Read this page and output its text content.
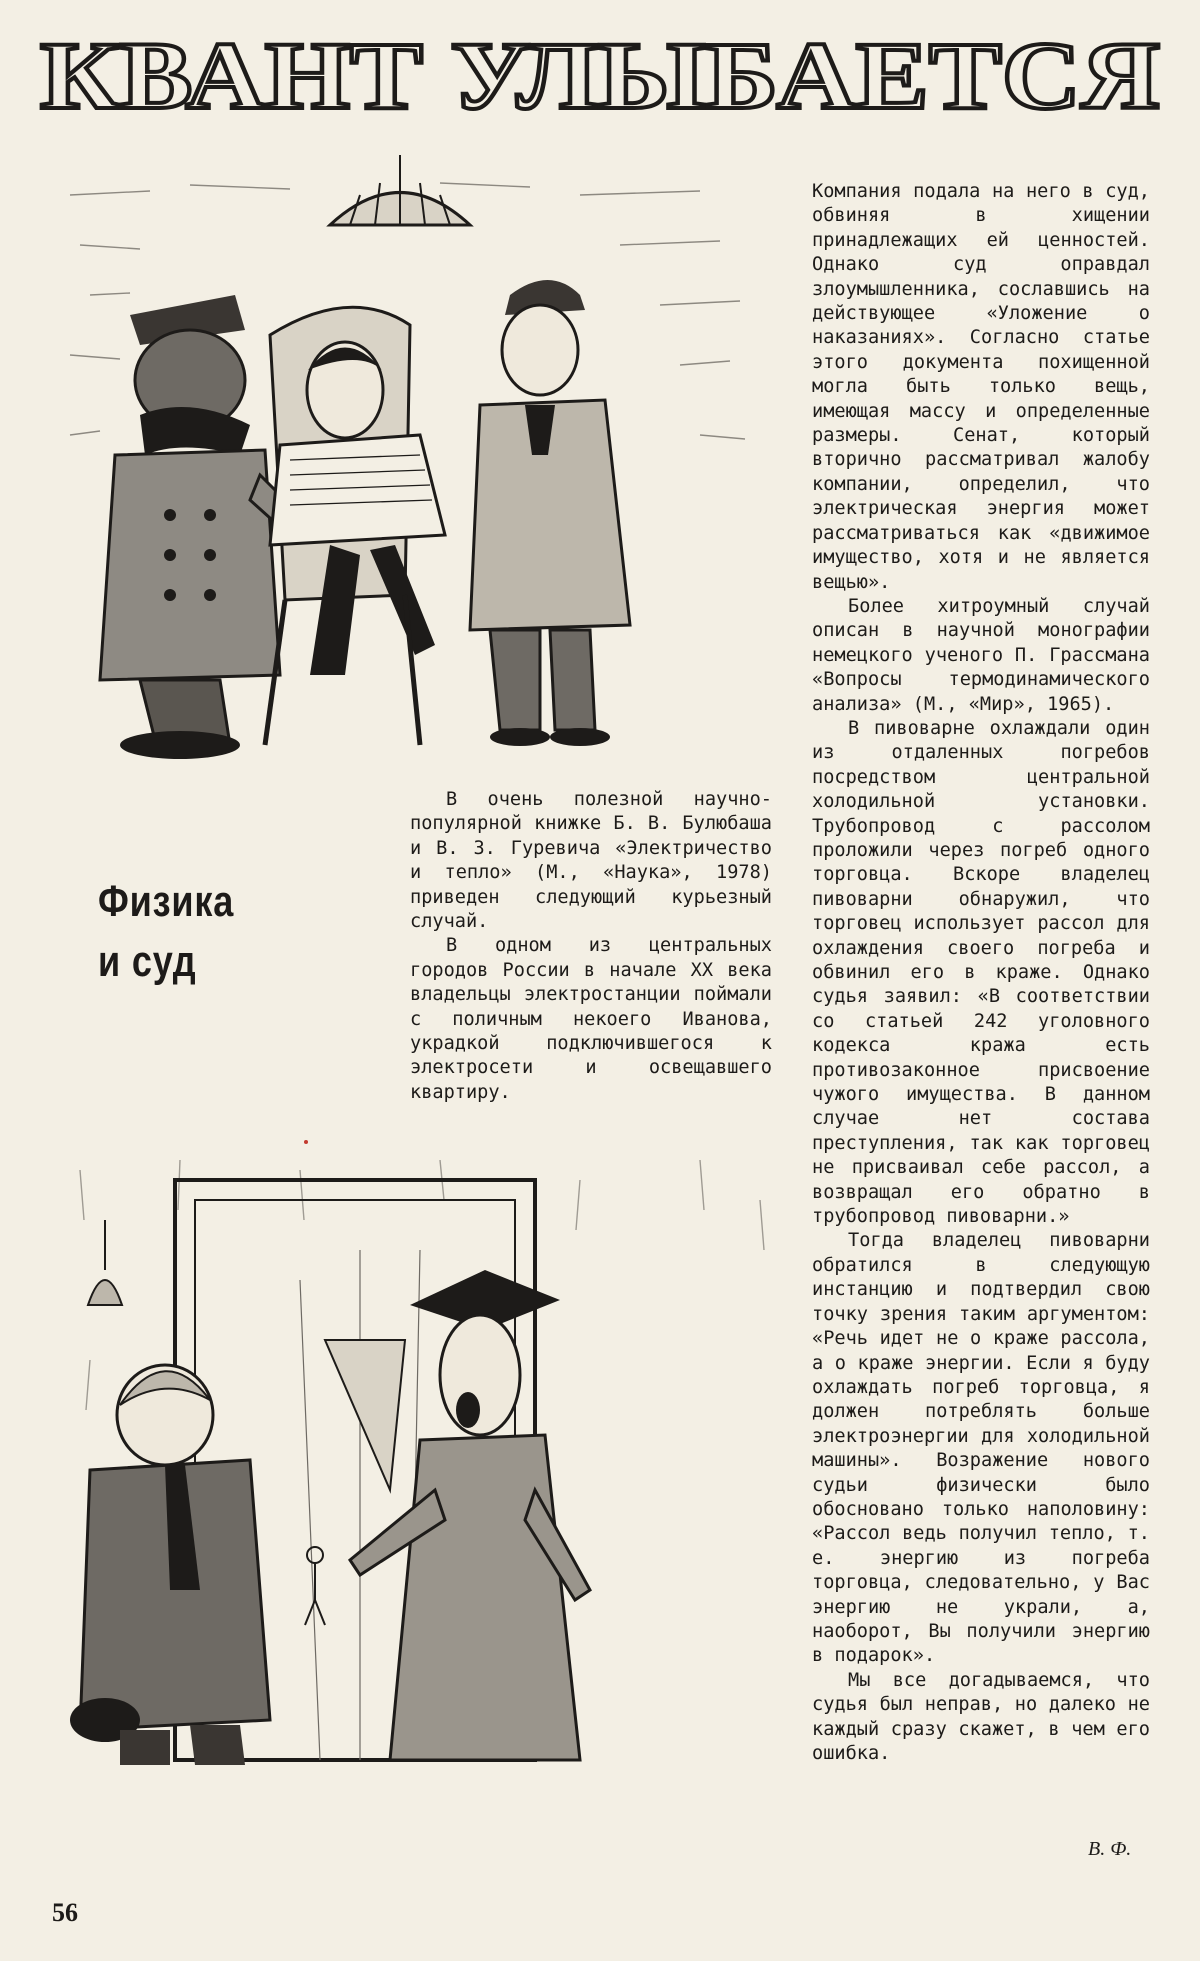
КВАНТ УЛЫБАЕТСЯ
Физика
и суд

В очень полезной научно-популярной книжке Б. В. Булюбаша и В. З. Гуревича «Электричество и тепло» (М., «Наука», 1978) приведен следующий курьезный случай.

В одном из центральных городов России в начале XX века владельцы электростанции поймали с поличным некоего Иванова, украдкой подключившегося к электросети и освещавшего квартиру.

Компания подала на него в суд, обвиняя в хищении принадлежащих ей ценностей. Однако суд оправдал злоумышленника, сославшись на действующее «Уложение о наказаниях». Согласно статье этого документа похищенной могла быть только вещь, имеющая массу и определенные размеры. Сенат, который вторично рассматривал жалобу компании, определил, что электрическая энергия может рассматриваться как «движимое имущество, хотя и не является вещью».

Более хитроумный случай описан в научной монографии немецкого ученого П. Грассмана «Вопросы термодинамического анализа» (М., «Мир», 1965).

В пивоварне охлаждали один из отдаленных погребов посредством центральной холодильной установки. Трубопровод с рассолом проложили через погреб одного торговца. Вскоре владелец пивоварни обнаружил, что торговец использует рассол для охлаждения своего погреба и обвинил его в краже. Однако судья заявил: «В соответствии со статьей 242 уголовного кодекса кража есть противозаконное присвоение чужого имущества. В данном случае нет состава преступления, так как торговец не присваивал себе рассол, а возвращал его обратно в трубопровод пивоварни.»

Тогда владелец пивоварни обратился в следующую инстанцию и подтвердил свою точку зрения таким аргументом: «Речь идет не о краже рассола, а о краже энергии. Если я буду охлаждать погреб торговца, я должен потреблять больше электроэнергии для холодильной машины». Возражение нового судьи физически было обосновано только наполовину: «Рассол ведь получил тепло, т. е. энергию из погреба торговца, следовательно, у Вас энергию не украли, а, наоборот, Вы получили энергию в подарок».

Мы все догадываемся, что судья был неправ, но далеко не каждый сразу скажет, в чем его ошибка.

В. Ф.
56
